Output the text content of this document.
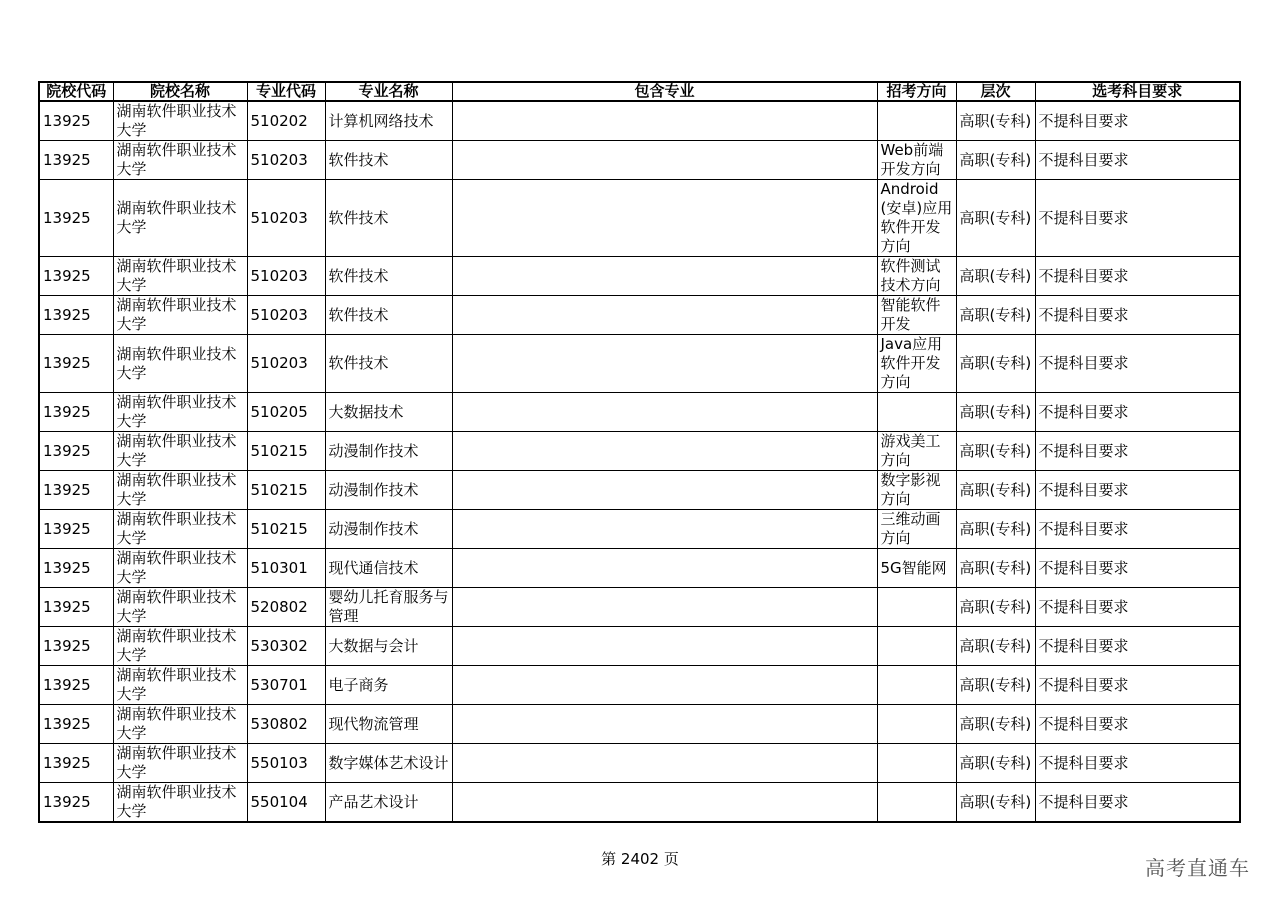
院校代码	院校名称	专业代码	专业名称	包含专业	招考方向	层次	选考科目要求
13925	湖南软件职业技术大学	510202	计算机网络技术			高职(专科)	不提科目要求
13925	湖南软件职业技术大学	510203	软件技术		Web前端开发方向	高职(专科)	不提科目要求
13925	湖南软件职业技术大学	510203	软件技术		Android(安卓)应用软件开发方向	高职(专科)	不提科目要求
13925	湖南软件职业技术大学	510203	软件技术		软件测试技术方向	高职(专科)	不提科目要求
13925	湖南软件职业技术大学	510203	软件技术		智能软件开发	高职(专科)	不提科目要求
13925	湖南软件职业技术大学	510203	软件技术		Java应用软件开发方向	高职(专科)	不提科目要求
13925	湖南软件职业技术大学	510205	大数据技术			高职(专科)	不提科目要求
13925	湖南软件职业技术大学	510215	动漫制作技术		游戏美工方向	高职(专科)	不提科目要求
13925	湖南软件职业技术大学	510215	动漫制作技术		数字影视方向	高职(专科)	不提科目要求
13925	湖南软件职业技术大学	510215	动漫制作技术		三维动画方向	高职(专科)	不提科目要求
13925	湖南软件职业技术大学	510301	现代通信技术		5G智能网	高职(专科)	不提科目要求
13925	湖南软件职业技术大学	520802	婴幼儿托育服务与管理			高职(专科)	不提科目要求
13925	湖南软件职业技术大学	530302	大数据与会计			高职(专科)	不提科目要求
13925	湖南软件职业技术大学	530701	电子商务			高职(专科)	不提科目要求
13925	湖南软件职业技术大学	530802	现代物流管理			高职(专科)	不提科目要求
13925	湖南软件职业技术大学	550103	数字媒体艺术设计			高职(专科)	不提科目要求
13925	湖南软件职业技术大学	550104	产品艺术设计			高职(专科)	不提科目要求
第 2402 页	高考直通车
